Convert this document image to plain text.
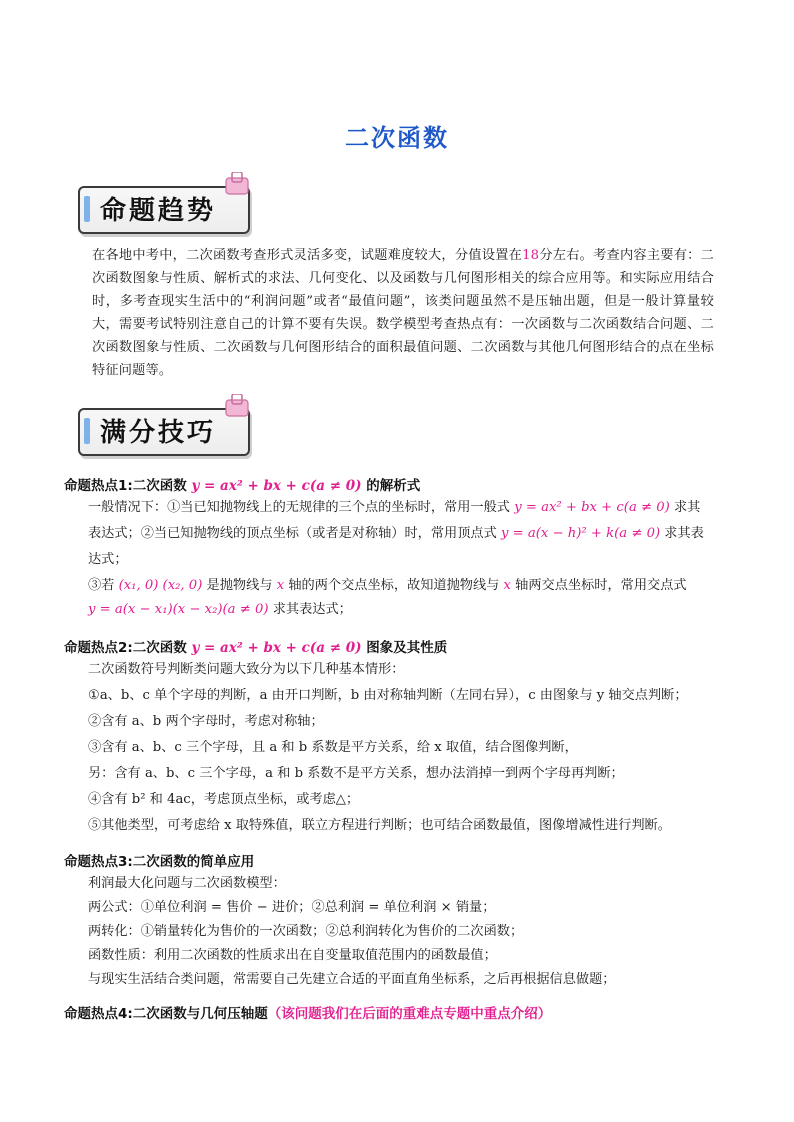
二次函数
命题趋势
在各地中考中，二次函数考查形式灵活多变，试题难度较大，分值设置在18分左右。考查内容主要有：二次函数图象与性质、解析式的求法、几何变化、以及函数与几何图形相关的综合应用等。和实际应用结合时，多考查现实生活中的“利润问题”或者“最值问题”，该类问题虽然不是压轴出题，但是一般计算量较大，需要考试特别注意自己的计算不要有失误。数学模型考查热点有：一次函数与二次函数结合问题、二次函数图象与性质、二次函数与几何图形结合的面积最值问题、二次函数与其他几何图形结合的点在坐标特征问题等。
满分技巧
命题热点1:二次函数 y = ax² + bx + c(a ≠ 0) 的解析式
一般情况下：①当已知抛物线上的无规律的三个点的坐标时，常用一般式 y = ax² + bx + c(a ≠ 0) 求其
表达式；②当已知抛物线的顶点坐标（或者是对称轴）时，常用顶点式 y = a(x − h)² + k(a ≠ 0) 求其表
达式；
③若 (x₁, 0) (x₂, 0) 是抛物线与 x 轴的两个交点坐标，故知道抛物线与 x 轴两交点坐标时，常用交点式
y = a(x − x₁)(x − x₂)(a ≠ 0) 求其表达式；
命题热点2:二次函数 y = ax² + bx + c(a ≠ 0) 图象及其性质
二次函数符号判断类问题大致分为以下几种基本情形：
①a、b、c 单个字母的判断，a 由开口判断，b 由对称轴判断（左同右异），c 由图象与 y 轴交点判断；
②含有 a、b 两个字母时，考虑对称轴；
③含有 a、b、c 三个字母，且 a 和 b 系数是平方关系，给 x 取值，结合图像判断，
另：含有 a、b、c 三个字母，a 和 b 系数不是平方关系，想办法消掉一到两个字母再判断；
④含有 b² 和 4ac，考虑顶点坐标，或考虑△；
⑤其他类型，可考虑给 x 取特殊值，联立方程进行判断；也可结合函数最值，图像增减性进行判断。
命题热点3:二次函数的简单应用
利润最大化问题与二次函数模型：
两公式：①单位利润 = 售价 − 进价；②总利润 = 单位利润 × 销量；
两转化：①销量转化为售价的一次函数；②总利润转化为售价的二次函数；
函数性质：利用二次函数的性质求出在自变量取值范围内的函数最值；
与现实生活结合类问题，常需要自己先建立合适的平面直角坐标系，之后再根据信息做题；
命题热点4:二次函数与几何压轴题（该问题我们在后面的重难点专题中重点介绍）
